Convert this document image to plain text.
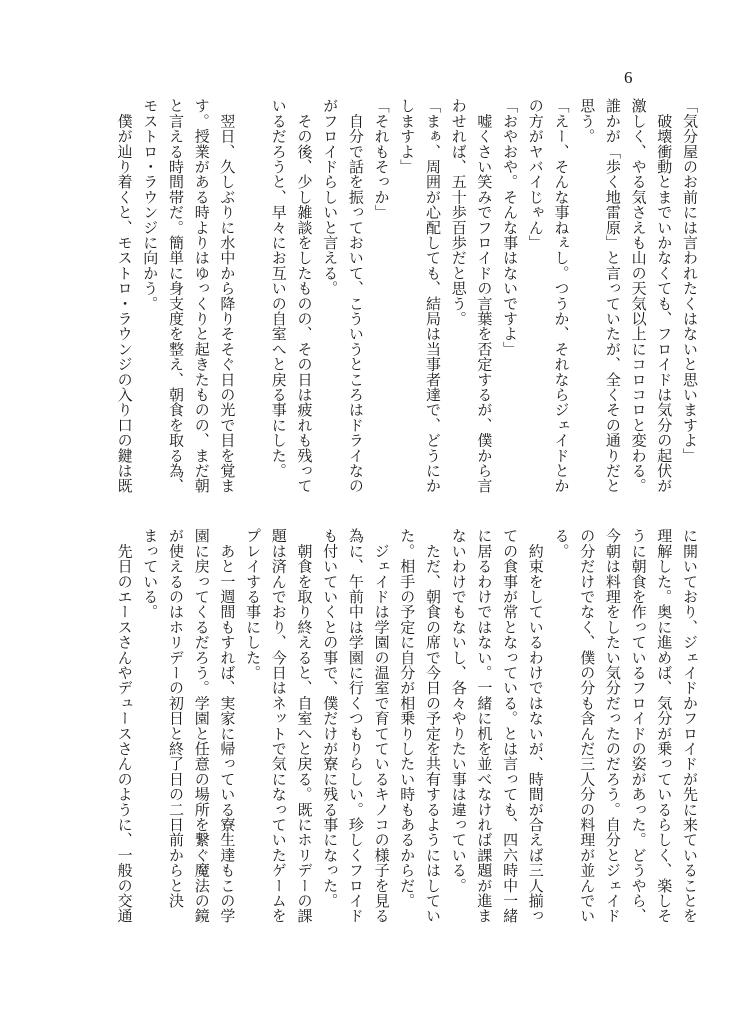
6
「気分屋のお前には言われたくはないと思いますよ」
　破壊衝動とまでいかなくても、フロイドは気分の起伏が
激しく、やる気さえも山の天気以上にコロコロと変わる。
誰かが「歩く地雷原」と言っていたが、全くその通りだと
思う。
「えー、そんな事ねぇし。つうか、それならジェイドとか
の方がヤバイじゃん」
「おやおや。そんな事はないですよ」
　嘘くさい笑みでフロイドの言葉を否定するが、僕から言
わせれば、五十歩百歩だと思う。
「まぁ、周囲が心配しても、結局は当事者達で、どうにか
しますよ」
「それもそっか」
　自分で話を振っておいて、こういうところはドライなの
がフロイドらしいと言える。
　その後、少し雑談をしたものの、その日は疲れも残って
いるだろうと、早々にお互いの自室へと戻る事にした。
　翌日、久しぶりに水中から降りそそぐ日の光で目を覚ま
す。授業がある時よりはゆっくりと起きたものの、まだ朝
と言える時間帯だ。簡単に身支度を整え、朝食を取る為、
モストロ・ラウンジに向かう。
　僕が辿り着くと、モストロ・ラウンジの入り口の鍵は既
に開いており、ジェイドかフロイドが先に来ていることを
理解した。奥に進めば、気分が乗っているらしく、楽しそ
うに朝食を作っているフロイドの姿があった。どうやら、
今朝は料理をしたい気分だったのだろう。自分とジェイド
の分だけでなく、僕の分も含んだ三人分の料理が並んでい
る。
　約束をしているわけではないが、時間が合えば三人揃っ
ての食事が常となっている。とは言っても、四六時中一緒
に居るわけではない。一緒に机を並べなければ課題が進ま
ないわけでもないし、各々やりたい事は違っている。
　ただ、朝食の席で今日の予定を共有するようにはしてい
た。相手の予定に自分が相乗りしたい時もあるからだ。
　ジェイドは学園の温室で育てているキノコの様子を見る
為に、午前中は学園に行くつもりらしい。珍しくフロイド
も付いていくとの事で、僕だけが寮に残る事になった。
　朝食を取り終えると、自室へと戻る。既にホリデーの課
題は済んでおり、今日はネットで気になっていたゲームを
プレイする事にした。
　あと一週間もすれば、実家に帰っている寮生達もこの学
園に戻ってくるだろう。学園と任意の場所を繋ぐ魔法の鏡
が使えるのはホリデーの初日と終了日の二日前からと決
まっている。
　先日のエースさんやデュースさんのように、一般の交通
